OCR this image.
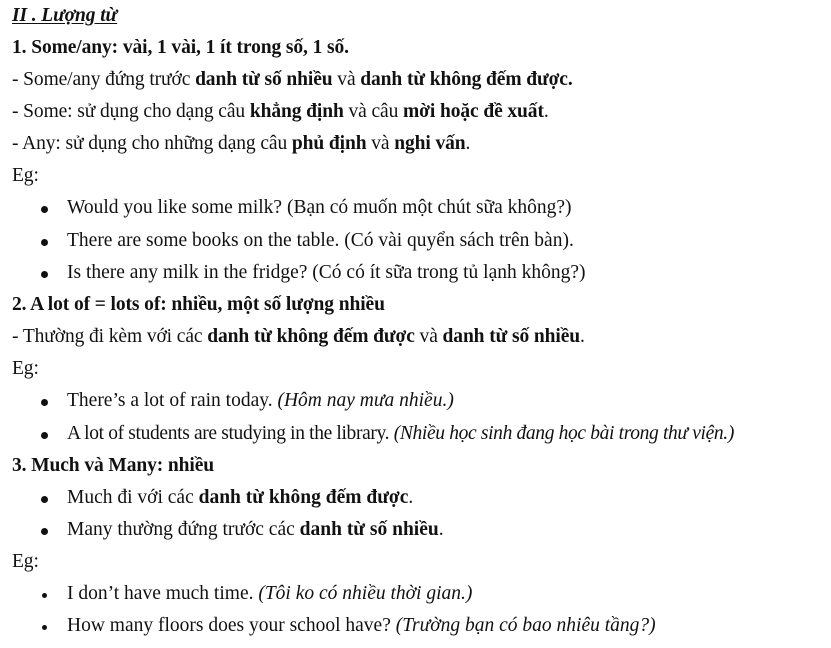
II . Lượng từ
1. Some/any: vài, 1 vài, 1 ít trong số, 1 số.
- Some/any đứng trước danh từ số nhiều và danh từ không đếm được.
- Some: sử dụng cho dạng câu khẳng định và câu mời hoặc đề xuất.
- Any: sử dụng cho những dạng câu phủ định và nghi vấn.
Eg:
Would you like some milk? (Bạn có muốn một chút sữa không?)
There are some books on the table. (Có vài quyển sách trên bàn).
Is there any milk in the fridge? (Có có ít sữa trong tủ lạnh không?)
2. A lot of = lots of: nhiều, một số lượng nhiều
- Thường đi kèm với các danh từ không đếm được và danh từ số nhiều.
Eg:
There’s a lot of rain today. (Hôm nay mưa nhiều.)
A lot of students are studying in the library. (Nhiều học sinh đang học bài trong thư viện.)
3. Much và Many: nhiều
Much đi với các danh từ không đếm được.
Many thường đứng trước các danh từ số nhiều.
Eg:
I don’t have much time. (Tôi ko có nhiều thời gian.)
How many floors does your school have? (Trường bạn có bao nhiêu tầng?)
